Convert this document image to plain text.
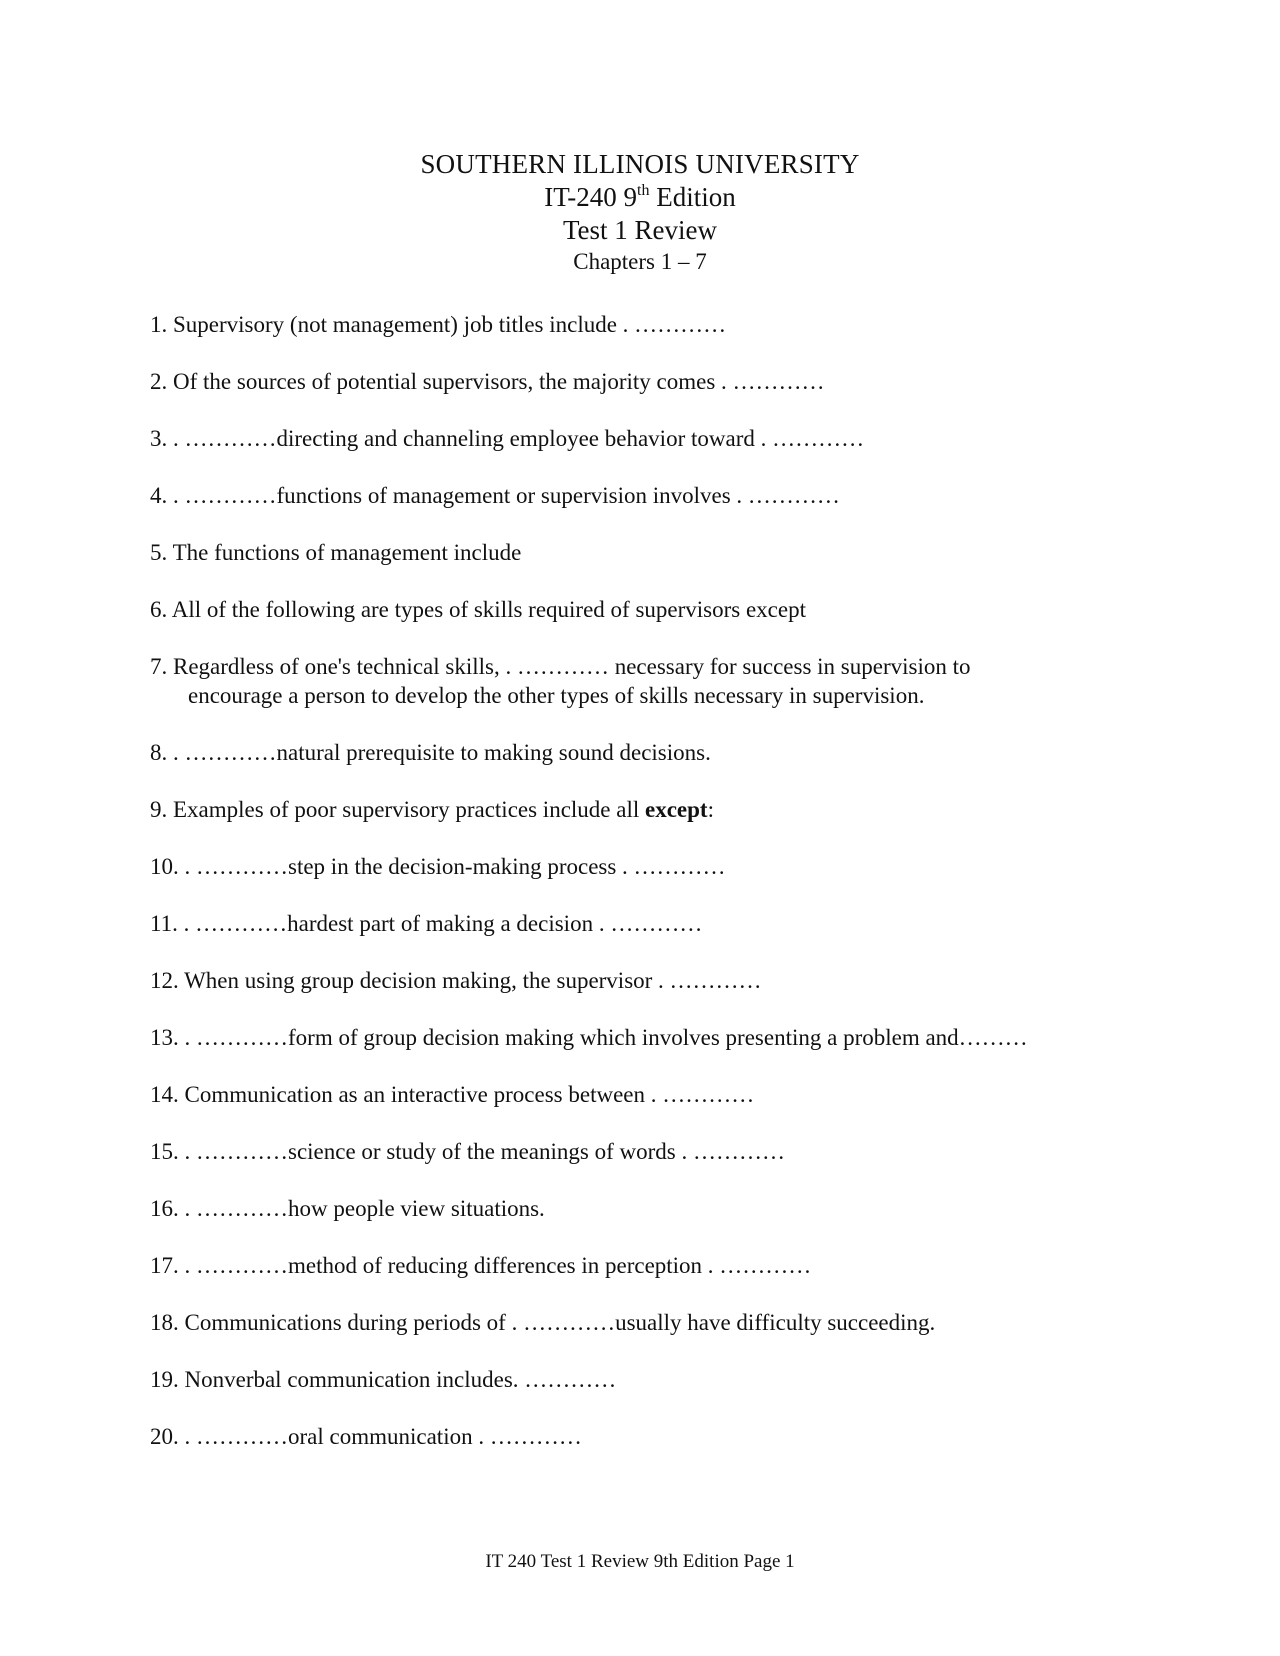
SOUTHERN ILLINOIS UNIVERSITY
IT-240 9th Edition
Test 1 Review
Chapters 1 – 7
1. Supervisory (not management) job titles include . …………
2. Of the sources of potential supervisors, the majority comes . …………
3. . …………directing and channeling employee behavior toward . …………
4. . …………functions of management or supervision involves . …………
5. The functions of management include
6. All of the following are types of skills required of supervisors except
7. Regardless of one's technical skills, . ………… necessary for success in supervision to
encourage a person to develop the other types of skills necessary in supervision.
8. . …………natural prerequisite to making sound decisions.
9. Examples of poor supervisory practices include all except:
10. . …………step in the decision-making process . …………
11. . …………hardest part of making a decision . …………
12. When using group decision making, the supervisor . …………
13. . …………form of group decision making which involves presenting a problem and………
14. Communication as an interactive process between . …………
15. . …………science or study of the meanings of words . …………
16. . …………how people view situations.
17. . …………method of reducing differences in perception . …………
18. Communications during periods of . …………usually have difficulty succeeding.
19. Nonverbal communication includes. …………
20. . …………oral communication . …………
IT 240 Test 1 Review 9th Edition Page 1
